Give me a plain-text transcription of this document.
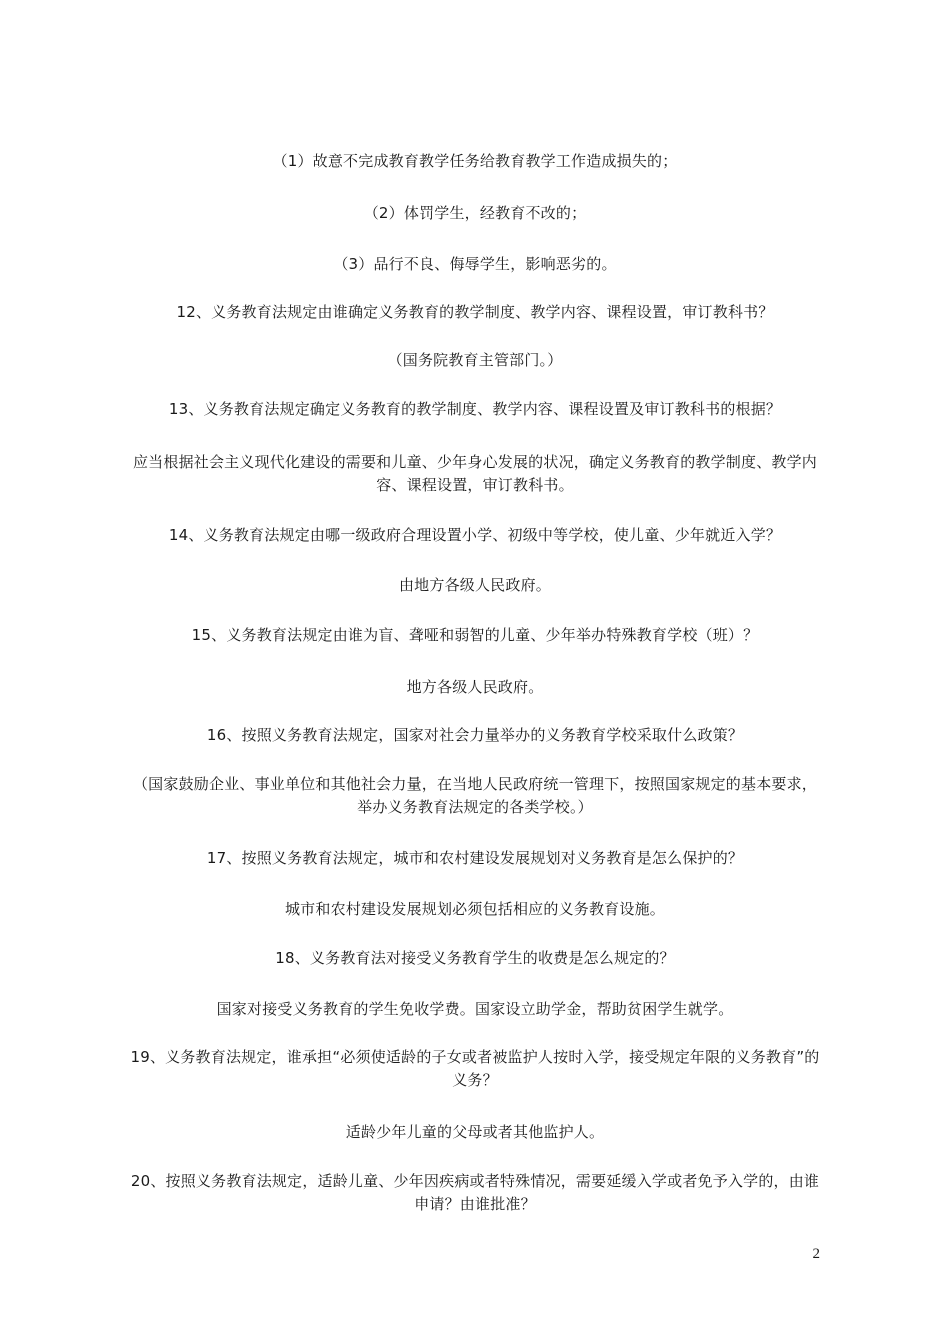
（1）故意不完成教育教学任务给教育教学工作造成损失的；

（2）体罚学生，经教育不改的；

（3）品行不良、侮辱学生，影响恶劣的。

12、义务教育法规定由谁确定义务教育的教学制度、教学内容、课程设置，审订教科书？

（国务院教育主管部门。）

13、义务教育法规定确定义务教育的教学制度、教学内容、课程设置及审订教科书的根据？

应当根据社会主义现代化建设的需要和儿童、少年身心发展的状况，确定义务教育的教学制度、教学内容、课程设置，审订教科书。

14、义务教育法规定由哪一级政府合理设置小学、初级中等学校，使儿童、少年就近入学？

由地方各级人民政府。

15、义务教育法规定由谁为盲、聋哑和弱智的儿童、少年举办特殊教育学校（班）？

地方各级人民政府。

16、按照义务教育法规定，国家对社会力量举办的义务教育学校采取什么政策？

（国家鼓励企业、事业单位和其他社会力量，在当地人民政府统一管理下，按照国家规定的基本要求，举办义务教育法规定的各类学校。）

17、按照义务教育法规定，城市和农村建设发展规划对义务教育是怎么保护的？

城市和农村建设发展规划必须包括相应的义务教育设施。

18、义务教育法对接受义务教育学生的收费是怎么规定的？

国家对接受义务教育的学生免收学费。国家设立助学金，帮助贫困学生就学。

19、义务教育法规定，谁承担“必须使适龄的子女或者被监护人按时入学，接受规定年限的义务教育”的义务？

适龄少年儿童的父母或者其他监护人。

20、按照义务教育法规定，适龄儿童、少年因疾病或者特殊情况，需要延缓入学或者免予入学的，由谁申请？由谁批准？

2
